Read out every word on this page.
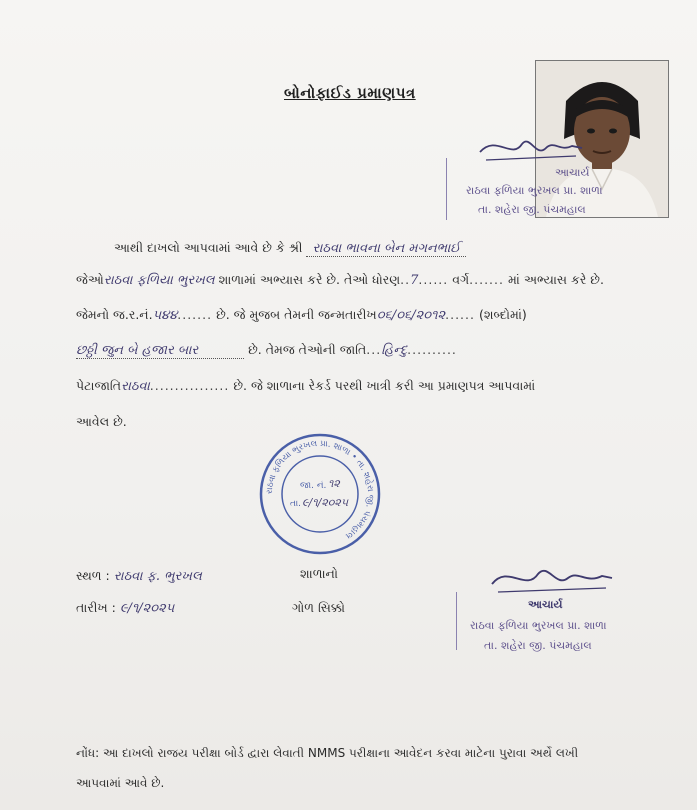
બોનોફાઈડ પ્રમાણપત્ર
આચાર્ય
રાઠવા ફળિયા ભુરખલ પ્રા. શાળા
તા. શહેરા જી. પંચમહાલ
આથી દાખલો આપવામાં આવે છે કે શ્રી રાઠવા ભાવના બેન મગનભાઈ
જેઓરાઠવા ફળિયા ભુરખલ શાળામાં અભ્યાસ કરે છે. તેઓ ધોરણ..7...... વર્ગ....... માં અભ્યાસ કરે છે.
જેમનો જ.ર.નં.૫૪૪....... છે. જે મુજબ તેમની જન્મતારીખ૦૬/૦૬/૨૦૧૨...... (શબ્દોમાં)
છઠ્ઠી જુન બે હજાર બાર	છે. તેમજ તેઓની જાતિ...હિન્દુ..........
પેટાજાતિરાઠવા................ છે. જે શાળાના રેકર્ડ પરથી ખાત્રી કરી આ પ્રમાણપત્ર આપવામાં
આવેલ છે.
રાઠવા ફળિયા ભુરખલ પ્રા. શાળા • તા. શહેરા જી. પંચમહાલ
જા. નં. ૧૨
તા. ૯/૧/૨૦૨૫
સ્થળ : રાઠવા ફ. ભુરખલ
તારીખ : ૯/૧/૨૦૨૫
શાળાનો
ગોળ સિક્કો	આચાર્ય
રાઠવા ફળિયા ભુરખલ પ્રા. શાળા
તા. શહેરા જી. પંચમહાલ
નોંધ: આ દાખલો રાજય પરીક્ષા બોર્ડ દ્વારા લેવાતી NMMS પરીક્ષાના આવેદન કરવા માટેના પુરાવા અર્થે લખી
આપવામાં આવે છે.
